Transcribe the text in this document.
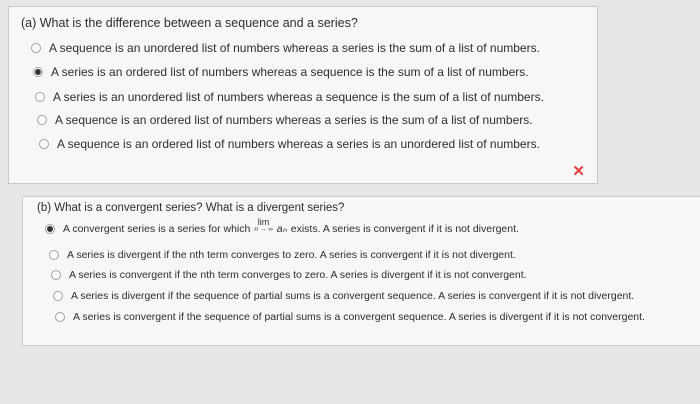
(a) What is the difference between a sequence and a series?
A sequence is an unordered list of numbers whereas a series is the sum of a list of numbers.
A series is an ordered list of numbers whereas a sequence is the sum of a list of numbers.
A series is an unordered list of numbers whereas a sequence is the sum of a list of numbers.
A sequence is an ordered list of numbers whereas a series is the sum of a list of numbers.
A sequence is an ordered list of numbers whereas a series is an unordered list of numbers.
✕
(b) What is a convergent series? What is a divergent series?
A convergent series is a series for which
lim
n → ∞ aₙ exists. A series is convergent if it is not divergent.
A series is divergent if the nth term converges to zero. A series is convergent if it is not divergent.
A series is convergent if the nth term converges to zero. A series is divergent if it is not convergent.
A series is divergent if the sequence of partial sums is a convergent sequence. A series is convergent if it is not divergent.
A series is convergent if the sequence of partial sums is a convergent sequence. A series is divergent if it is not convergent.
